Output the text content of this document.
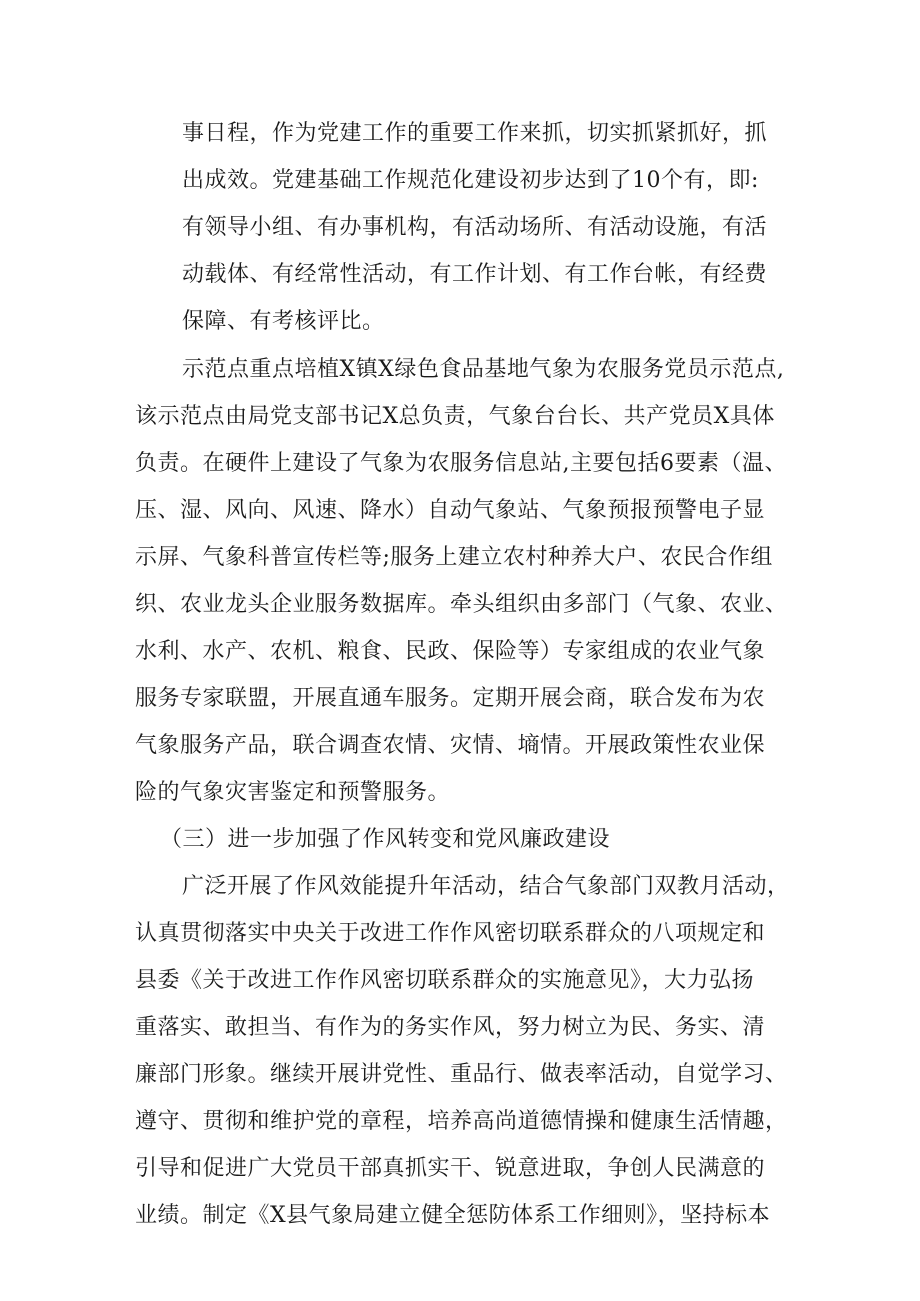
事日程，作为党建工作的重要工作来抓，切实抓紧抓好，抓
出成效。党建基础工作规范化建设初步达到了10个有，即:
有领导小组、有办事机构，有活动场所、有活动设施，有活
动载体、有经常性活动，有工作计划、有工作台帐，有经费
保障、有考核评比。
示范点重点培植X镇X绿色食品基地气象为农服务党员示范点,
该示范点由局党支部书记X总负责，气象台台长、共产党员X具体
负责。在硬件上建设了气象为农服务信息站,主要包括6要素（温、
压、湿、风向、风速、降水）自动气象站、气象预报预警电子显
示屏、气象科普宣传栏等;服务上建立农村种养大户、农民合作组
织、农业龙头企业服务数据库。牵头组织由多部门（气象、农业、
水利、水产、农机、粮食、民政、保险等）专家组成的农业气象
服务专家联盟，开展直通车服务。定期开展会商，联合发布为农
气象服务产品，联合调查农情、灾情、墒情。开展政策性农业保
险的气象灾害鉴定和预警服务。
（三）进一步加强了作风转变和党风廉政建设
广泛开展了作风效能提升年活动，结合气象部门双教月活动，
认真贯彻落实中央关于改进工作作风密切联系群众的八项规定和
县委《关于改进工作作风密切联系群众的实施意见》，大力弘扬
重落实、敢担当、有作为的务实作风，努力树立为民、务实、清
廉部门形象。继续开展讲党性、重品行、做表率活动，自觉学习、
遵守、贯彻和维护党的章程，培养高尚道德情操和健康生活情趣，
引导和促进广大党员干部真抓实干、锐意进取，争创人民满意的
业绩。制定《X县气象局建立健全惩防体系工作细则》，坚持标本
